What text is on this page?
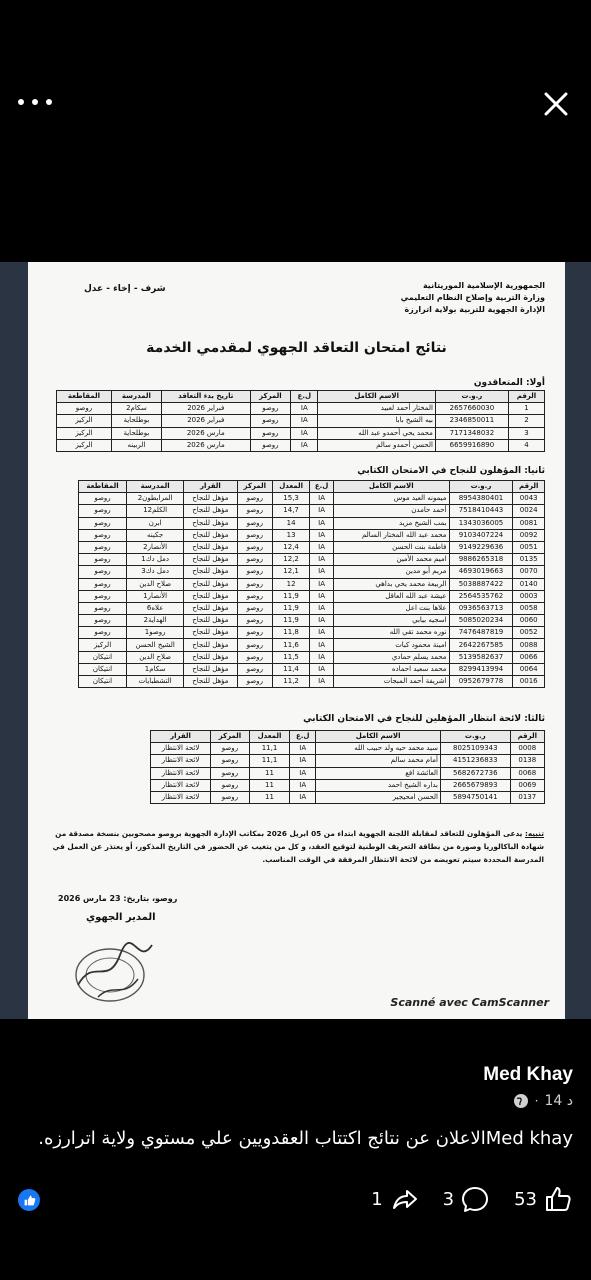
شرف - إخاء - عدل	الجمهورية الإسلامية الموريتانية
وزارة التربية وإصلاح النظام التعليمي
الإدارة الجهوية للتربية بولاية اترارزة
نتائج امتحان التعاقد الجهوي لمقدمي الخدمة
أولا: المتعاقدون
الرقم	ر.و.ت	الاسم الكامل	ل.ع	المركز	تاريخ بدء التعاقد	المدرسة	المقاطعة
1	2657660030	المختار أحمد لعبيد	IA	روصو	فبراير 2026	سكام2	روصو
2	2346850011	بيه الشيخ بابا	IA	روصو	فبراير 2026	بوطلحاية	الركيز
3	7171348032	محمد يحي أحمدو عبد الله	IA	روصو	مارس 2026	بوطلحاية	الركيز
4	6659916890	الحسن أحمدو سالم	IA	روصو	مارس 2026	الربينه	الركيز
ثانيا: المؤهلون للنجاح في الامتحان الكتابي
الرقم	ر.و.ت	الاسم الكامل	ل.ع	المعدل	المركز	القرار	المدرسة	المقاطعة
0043	8954380401	ميمونه العيد موس	IA	15,3	روصو	مؤهل للنجاح	المرابطون2	روصو
0024	7518410443	أحمد حامدن	IA	14,7	روصو	مؤهل للنجاح	الكلم12	روصو
0081	1343036005	بمب الشيخ مزيد	IA	14	روصو	مؤهل للنجاح	ابرن	روصو
0092	9103407224	محمد عبد الله المختار السالم	IA	13	روصو	مؤهل للنجاح	جكينه	روصو
0051	9149229636	فاطمة بنت الحسن	IA	12,4	روصو	مؤهل للنجاح	الأنصار2	روصو
0135	9886265318	اميم محمد الأمين	IA	12,2	روصو	مؤهل للنجاح	دمل دك1	روصو
0070	4693019663	مريم أبو مدين	IA	12,1	روصو	مؤهل للنجاح	دمل دك3	روصو
0140	5038887422	الربيعة محمد يحي بداهي	IA	12	روصو	مؤهل للنجاح	صلاح الدين	روصو
0003	2564535762	عيشة عبد الله العاقل	IA	11,9	روصو	مؤهل للنجاح	الأنصار1	روصو
0058	0936563713	علاها بنت اعل	IA	11,9	روصو	مؤهل للنجاح	علاه6	روصو
0060	5085020234	اسجيه بيابي	IA	11,9	روصو	مؤهل للنجاح	الهداية2	روصو
0052	7476487819	نوره محمد تقي الله	IA	11,8	روصو	مؤهل للنجاح	روصو1	روصو
0088	2642267585	امينة محمود كبات	IA	11,6	روصو	مؤهل للنجاح	الشيخ الحسن	الركيز
0066	5139582637	محمد يسلم حمادي	IA	11,5	روصو	مؤهل للنجاح	صلاح الدين	انتيكان
0064	8299413994	محمد سعيد احماده	IA	11,4	روصو	مؤهل للنجاح	سكام1	انتيكان
0016	0952679778	اشريفة أحمد المبجات	IA	11,2	روصو	مؤهل للنجاح	التشطبايات	انتيكان
ثالثا: لائحة انتظار المؤهلين للنجاح في الامتحان الكتابي
الرقم	ر.و.ت	الاسم الكامل	ل.ع	المعدل	المركز	القرار
0008	8025109343	سيد محمد حيه ولد حبيب الله	IA	11,1	روصو	لائحة الانتظار
0138	4151236833	أمام محمد سالم	IA	11,1	روصو	لائحة الانتظار
0068	5682672736	العائشة افع	IA	11	روصو	لائحة الانتظار
0069	2665679893	بداره الشيخ احمد	IA	11	روصو	لائحة الانتظار
0137	5894750141	الحسن امحيجير	IA	11	روصو	لائحة الانتظار
تنبيه: يدعى المؤهلون للتعاقد لمقابلة اللجنة الجهوية ابتداء من 05 ابريل 2026 بمكاتب الإدارة الجهوية بروصو مصحوبين بنسخة مصدقة من شهادة الباكالوريا وصورة من بطاقة التعريف الوطنية لتوقيع العقد، و كل من يتغيب عن الحضور في التاريخ المذكور، أو يعتذر عن العمل في المدرسة المحددة سيتم تعويضه من لائحة الانتظار المرفقة في الوقت المناسب.
روصو، بتاريخ: 23 مارس 2026
المدير الجهوي
Scanné avec CamScanner
Med Khay
· 14 د
Med khayالاعلان عن نتائج اكتتاب العقدويين علي مستوي ولاية اترارزه.
1	3	53
